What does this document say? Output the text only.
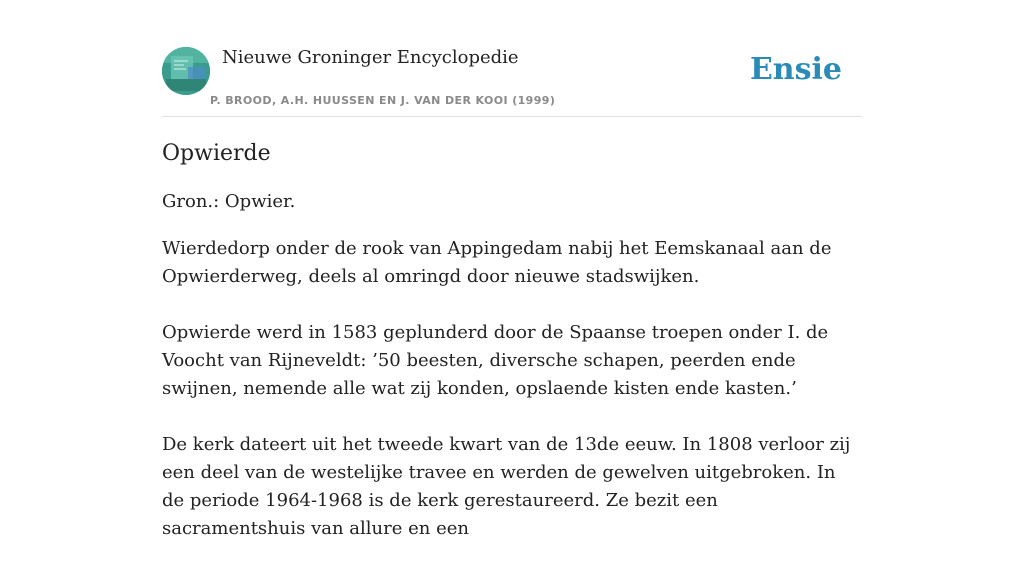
Nieuwe Groninger Encyclopedie
P. BROOD, A.H. HUUSSEN EN J. VAN DER KOOI (1999)
Ensie
Opwierde

Gron.: Opwier.

Wierdedorp onder de rook van Appingedam nabij het Eemskanaal aan de Opwierderweg, deels al omringd door nieuwe stadswijken.

Opwierde werd in 1583 geplunderd door de Spaanse troepen onder I. de Voocht van Rijneveldt: ’50 beesten, diversche schapen, peerden ende swijnen, nemende alle wat zij konden, opslaende kisten ende kasten.’

De kerk dateert uit het tweede kwart van de 13de eeuw. In 1808 verloor zij een deel van de westelijke travee en werden de gewelven uitgebroken. In de periode 1964-1968 is de kerk gerestaureerd. Ze bezit een sacramentshuis van allure en een
